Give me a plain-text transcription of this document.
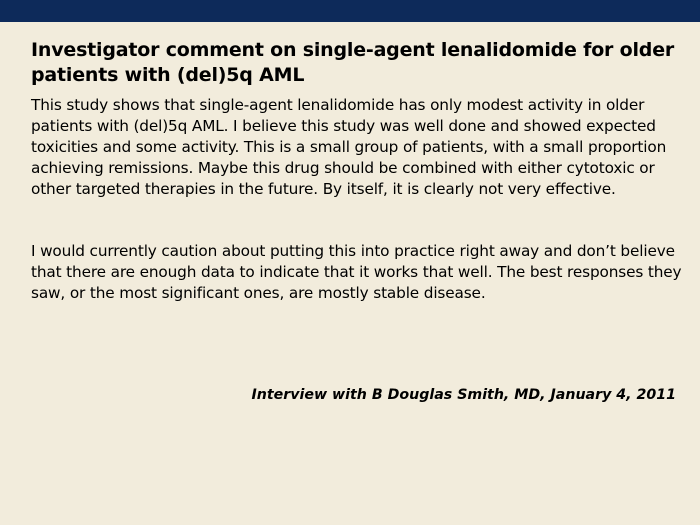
Investigator comment on single-agent lenalidomide for older patients with (del)5q AML

This study shows that single-agent lenalidomide has only modest activity in older patients with (del)5q AML. I believe this study was well done and showed expected toxicities and some activity. This is a small group of patients, with a small proportion achieving remissions. Maybe this drug should be combined with either cytotoxic or other targeted therapies in the future. By itself, it is clearly not very effective.

I would currently caution about putting this into practice right away and don’t believe that there are enough data to indicate that it works that well. The best responses they saw, or the most significant ones, are mostly stable disease.

Interview with B Douglas Smith, MD, January 4, 2011
